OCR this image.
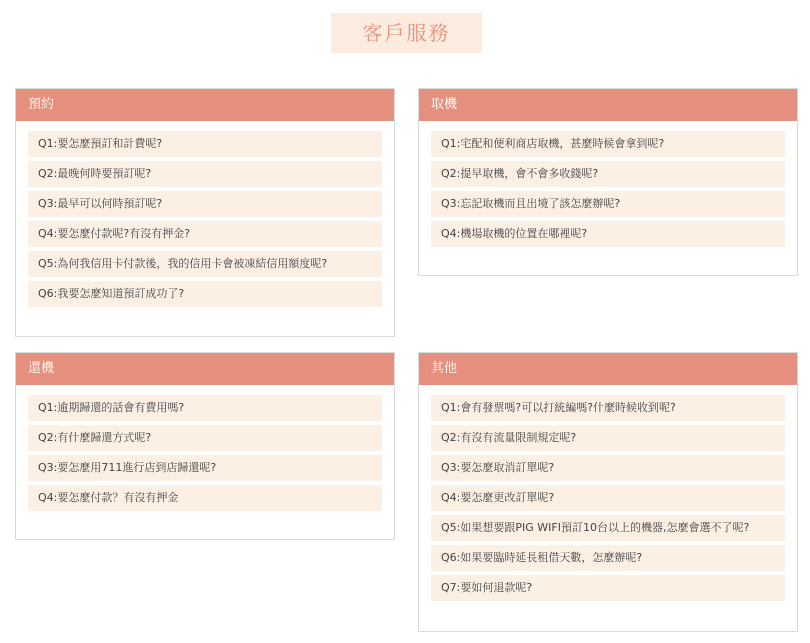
客戶服務
預約
Q1:要怎麼預訂和計費呢?
Q2:最晚何時要預訂呢?
Q3:最早可以何時預訂呢?
Q4:要怎麼付款呢?有沒有押金?
Q5:為何我信用卡付款後，我的信用卡會被凍結信用額度呢?
Q6:我要怎麼知道預訂成功了?
取機
Q1:宅配和便利商店取機，甚麼時候會拿到呢?
Q2:提早取機，會不會多收錢呢?
Q3:忘記取機而且出境了該怎麼辦呢?
Q4:機場取機的位置在哪裡呢?
還機
Q1:逾期歸還的話會有費用嗎?
Q2:有什麼歸還方式呢?
Q3:要怎麼用711進行店到店歸還呢?
Q4:要怎麼付款？有沒有押金
其他
Q1:會有發票嗎?可以打統編嗎?什麼時候收到呢?
Q2:有沒有流量限制規定呢?
Q3:要怎麼取消訂單呢?
Q4:要怎麼更改訂單呢?
Q5:如果想要跟PIG WIFI預訂10台以上的機器,怎麼會選不了呢?
Q6:如果要臨時延長租借天數，怎麼辦呢?
Q7:要如何退款呢?
